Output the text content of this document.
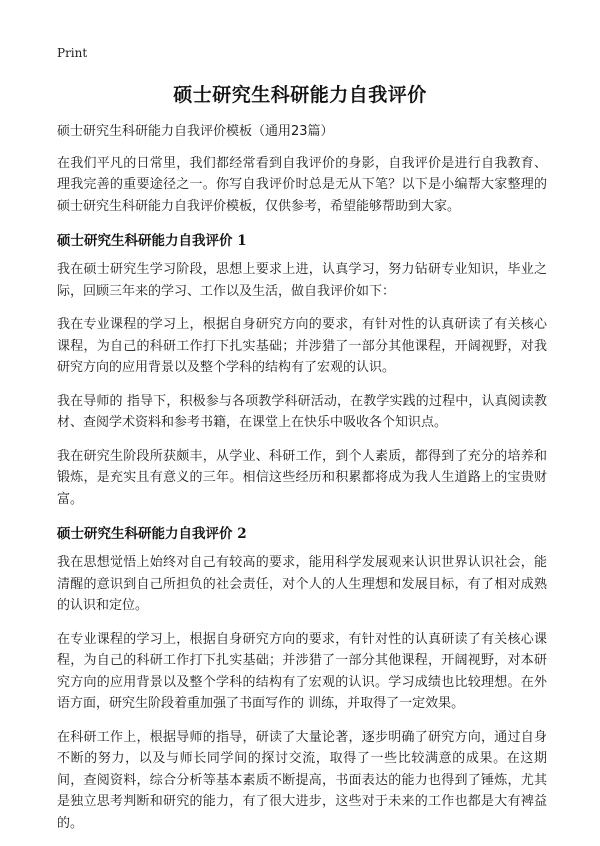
Print
硕士研究生科研能力自我评价

硕士研究生科研能力自我评价模板（通用23篇）

在我们平凡的日常里，我们都经常看到自我评价的身影，自我评价是进行自我教育、理我完善的重要途径之一。你写自我评价时总是无从下笔？以下是小编帮大家整理的硕士研究生科研能力自我评价模板，仅供参考，希望能够帮助到大家。

硕士研究生科研能力自我评价 1

我在硕士研究生学习阶段，思想上要求上进，认真学习，努力钻研专业知识，毕业之际，回顾三年来的学习、工作以及生活，做自我评价如下：

我在专业课程的学习上，根据自身研究方向的要求，有针对性的认真研读了有关核心课程，为自己的科研工作打下扎实基础；并涉猎了一部分其他课程，开阔视野，对我研究方向的应用背景以及整个学科的结构有了宏观的认识。

我在导师的 指导下，积极参与各项教学科研活动，在教学实践的过程中，认真阅读教材、查阅学术资料和参考书籍，在课堂上在快乐中吸收各个知识点。

我在研究生阶段所获颇丰，从学业、科研工作，到个人素质，都得到了充分的培养和锻炼，是充实且有意义的三年。相信这些经历和积累都将成为我人生道路上的宝贵财富。

硕士研究生科研能力自我评价 2

我在思想觉悟上始终对自己有较高的要求，能用科学发展观来认识世界认识社会，能清醒的意识到自己所担负的社会责任，对个人的人生理想和发展目标，有了相对成熟的认识和定位。

在专业课程的学习上，根据自身研究方向的要求，有针对性的认真研读了有关核心课程，为自己的科研工作打下扎实基础；并涉猎了一部分其他课程，开阔视野，对本研究方向的应用背景以及整个学科的结构有了宏观的认识。学习成绩也比较理想。在外语方面，研究生阶段着重加强了书面写作的 训练，并取得了一定效果。

在科研工作上，根据导师的指导，研读了大量论著，逐步明确了研究方向，通过自身不断的努力，以及与师长同学间的探讨交流，取得了一些比较满意的成果。在这期间，查阅资料，综合分析等基本素质不断提高，书面表达的能力也得到了锤炼，尤其是独立思考判断和研究的能力，有了很大进步，这些对于未来的工作也都是大有裨益的。
